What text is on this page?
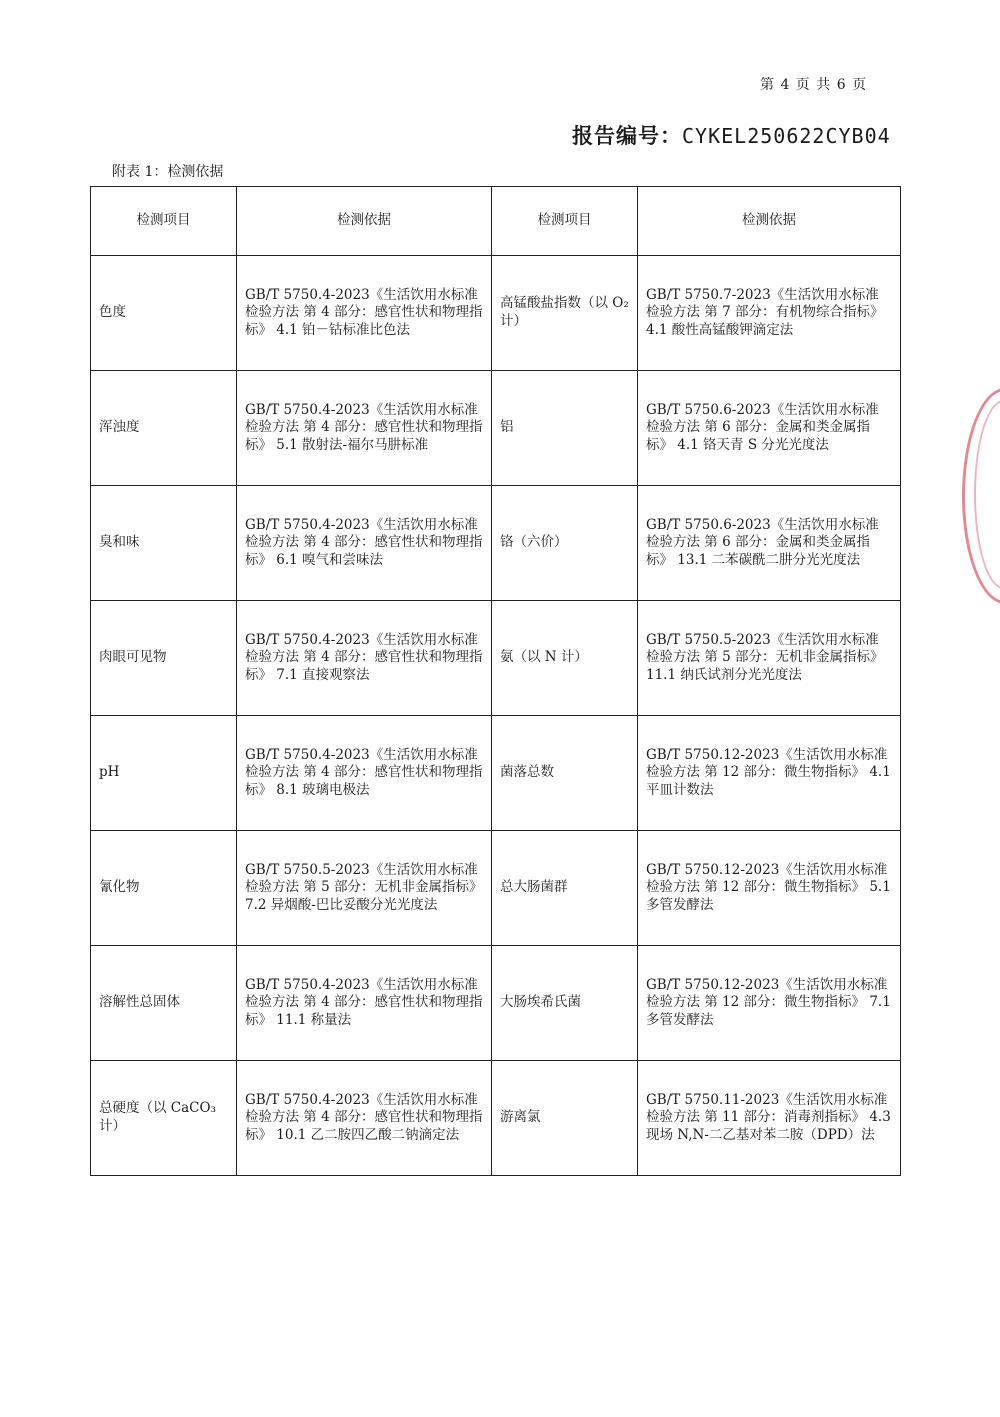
第 4 页 共 6 页
报告编号：CYKEL250622CYB04
附表 1：检测依据
检测项目	检测依据	检测项目	检测依据
色度	GB/T 5750.4-2023《生活饮用水标准检验方法 第 4 部分：感官性状和物理指标》 4.1 铂－钴标准比色法	高锰酸盐指数（以 O₂计）	GB/T 5750.7-2023《生活饮用水标准检验方法 第 7 部分：有机物综合指标》 4.1 酸性高锰酸钾滴定法
浑浊度	GB/T 5750.4-2023《生活饮用水标准检验方法 第 4 部分：感官性状和物理指标》 5.1 散射法-福尔马肼标准	铝	GB/T 5750.6-2023《生活饮用水标准检验方法 第 6 部分：金属和类金属指标》 4.1 铬天青 S 分光光度法
臭和味	GB/T 5750.4-2023《生活饮用水标准检验方法 第 4 部分：感官性状和物理指标》 6.1 嗅气和尝味法	铬（六价）	GB/T 5750.6-2023《生活饮用水标准检验方法 第 6 部分：金属和类金属指标》 13.1 二苯碳酰二肼分光光度法
肉眼可见物	GB/T 5750.4-2023《生活饮用水标准检验方法 第 4 部分：感官性状和物理指标》 7.1 直接观察法	氨（以 N 计）	GB/T 5750.5-2023《生活饮用水标准检验方法 第 5 部分：无机非金属指标》 11.1 纳氏试剂分光光度法
pH	GB/T 5750.4-2023《生活饮用水标准检验方法 第 4 部分：感官性状和物理指标》 8.1 玻璃电极法	菌落总数	GB/T 5750.12-2023《生活饮用水标准检验方法 第 12 部分：微生物指标》 4.1 平皿计数法
氰化物	GB/T 5750.5-2023《生活饮用水标准检验方法 第 5 部分：无机非金属指标》 7.2 异烟酸-巴比妥酸分光光度法	总大肠菌群	GB/T 5750.12-2023《生活饮用水标准检验方法 第 12 部分：微生物指标》 5.1 多管发酵法
溶解性总固体	GB/T 5750.4-2023《生活饮用水标准检验方法 第 4 部分：感官性状和物理指标》 11.1 称量法	大肠埃希氏菌	GB/T 5750.12-2023《生活饮用水标准检验方法 第 12 部分：微生物指标》 7.1 多管发酵法
总硬度（以 CaCO₃计）	GB/T 5750.4-2023《生活饮用水标准检验方法 第 4 部分：感官性状和物理指标》 10.1 乙二胺四乙酸二钠滴定法	游离氯	GB/T 5750.11-2023《生活饮用水标准检验方法 第 11 部分：消毒剂指标》 4.3 现场 N,N-二乙基对苯二胺（DPD）法
